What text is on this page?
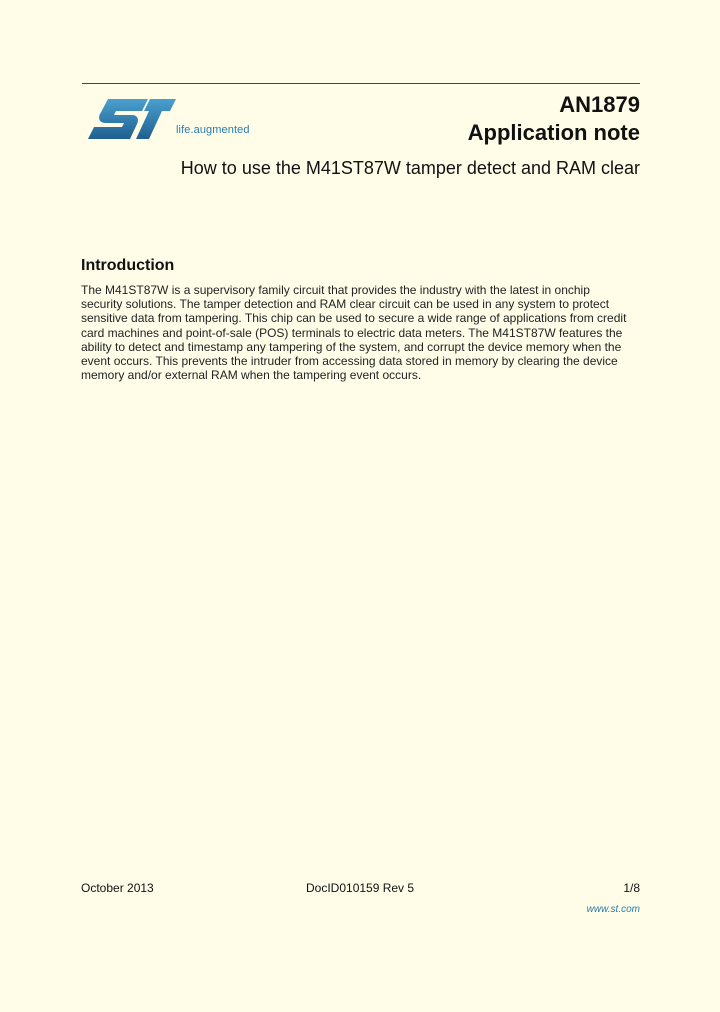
life.augmented
AN1879
Application note
How to use the M41ST87W tamper detect and RAM clear
Introduction
The M41ST87W is a supervisory family circuit that provides the industry with the latest in onchip
security solutions. The tamper detection and RAM clear circuit can be used in any system to protect
sensitive data from tampering. This chip can be used to secure a wide range of applications from credit
card machines and point-of-sale (POS) terminals to electric data meters. The M41ST87W features the
ability to detect and timestamp any tampering of the system, and corrupt the device memory when the
event occurs. This prevents the intruder from accessing data stored in memory by clearing the device
memory and/or external RAM when the tampering event occurs.
October 2013	DocID010159 Rev 5	1/8
www.st.com
